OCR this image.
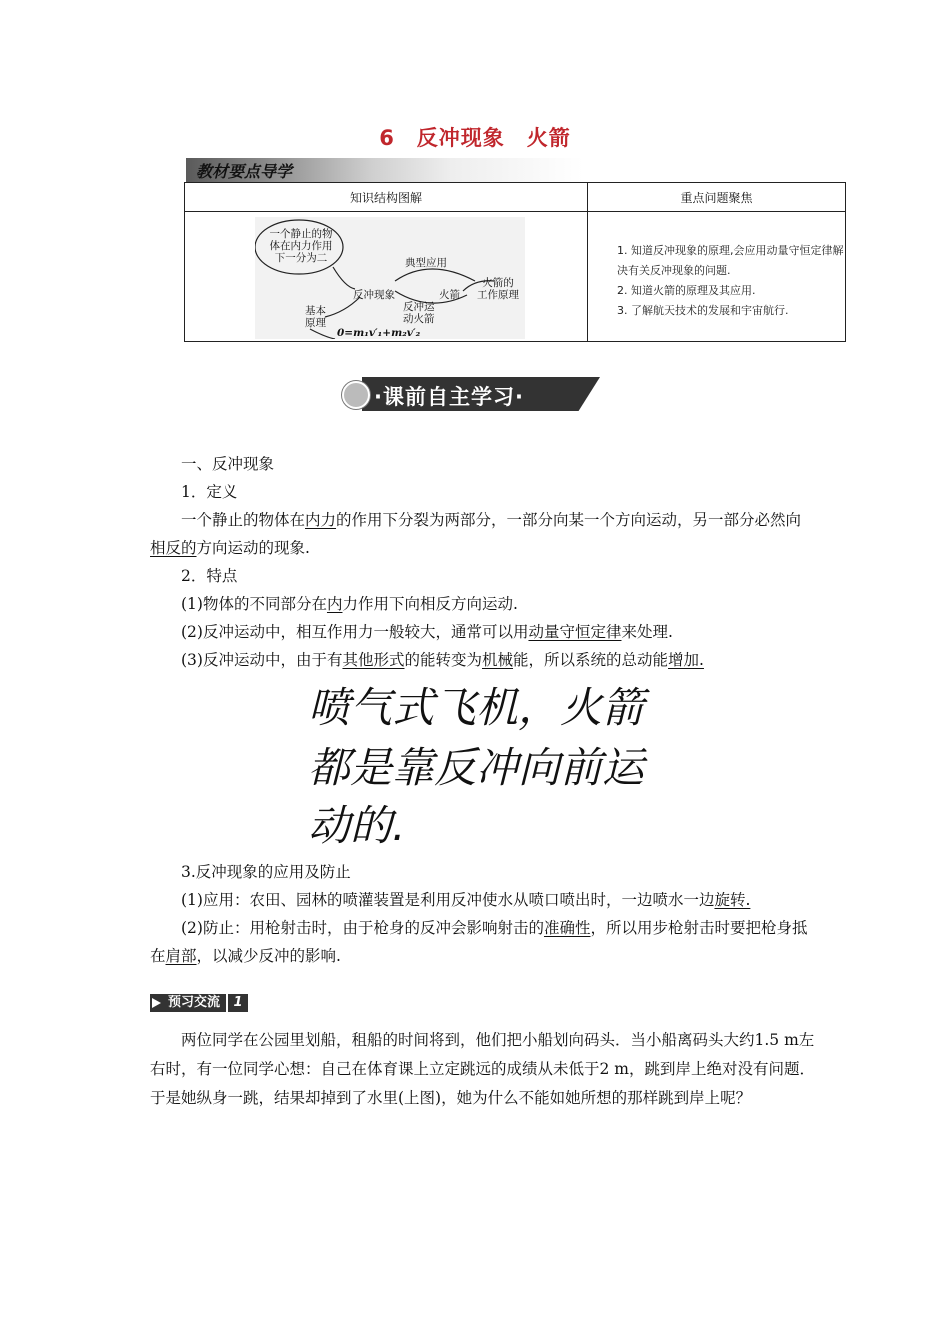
6　反冲现象　火箭
教材要点导学
知识结构图解	重点问题聚焦
一个静止的物
体在内力作用
下一分为二
反冲现象
典型应用
火箭
火箭的
工作原理
反冲运
动火箭
基本
原理
0=m₁v′₁+m₂v′₂
1. 知道反冲现象的原理,会应用动量守恒定律解决有关反冲现象的问题.
2. 知道火箭的原理及其应用.
3. 了解航天技术的发展和宇宙航行.
·课前自主学习·
一、反冲现象
1．定义
一个静止的物体在内力的作用下分裂为两部分，一部分向某一个方向运动，另一部分必然向相反的方向运动的现象.
2．特点
(1)物体的不同部分在内力作用下向相反方向运动.
(2)反冲运动中，相互作用力一般较大，通常可以用动量守恒定律来处理.
(3)反冲运动中，由于有其他形式的能转变为机械能，所以系统的总动能增加.
喷气式飞机，火箭
都是靠反冲向前运
动的.
3.反冲现象的应用及防止
(1)应用：农田、园林的喷灌装置是利用反冲使水从喷口喷出时，一边喷水一边旋转.
(2)防止：用枪射击时，由于枪身的反冲会影响射击的准确性，所以用步枪射击时要把枪身抵在肩部，以减少反冲的影响.
预习交流	1
两位同学在公园里划船，租船的时间将到，他们把小船划向码头．当小船离码头大约1.5 m左右时，有一位同学心想：自己在体育课上立定跳远的成绩从未低于2 m，跳到岸上绝对没有问题．于是她纵身一跳，结果却掉到了水里(上图)，她为什么不能如她所想的那样跳到岸上呢？
